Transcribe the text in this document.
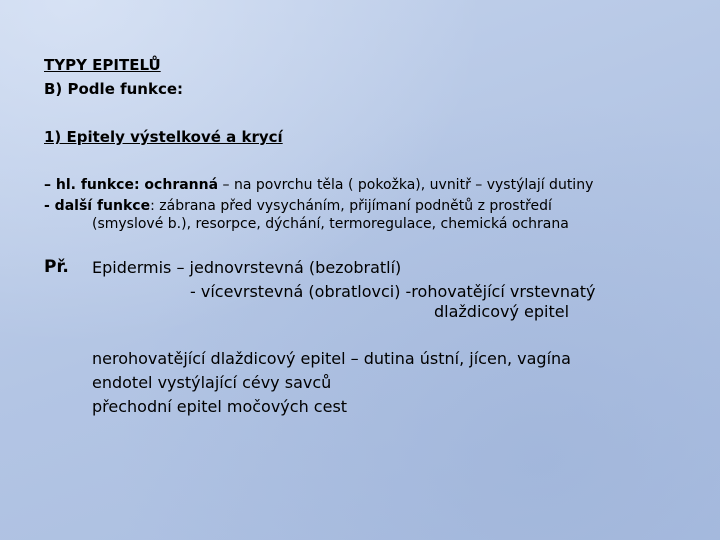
TYPY EPITELŮ

B) Podle funkce:

1) Epitely výstelkové a krycí

– hl. funkce: ochranná – na povrchu těla ( pokožka), uvnitř – vystýlají dutiny

- další funkce: zábrana před vysycháním, přijímaní podnětů z prostředí

(smyslové b.), resorpce, dýchání, termoregulace, chemická ochrana

Př. Epidermis – jednovrstevná (bezobratlí)

- vícevrstevná (obratlovci) -rohovatějící vrstevnatý

dlaždicový epitel

nerohovatějící dlaždicový epitel – dutina ústní, jícen, vagína

endotel vystýlající cévy savců

přechodní epitel močových cest
